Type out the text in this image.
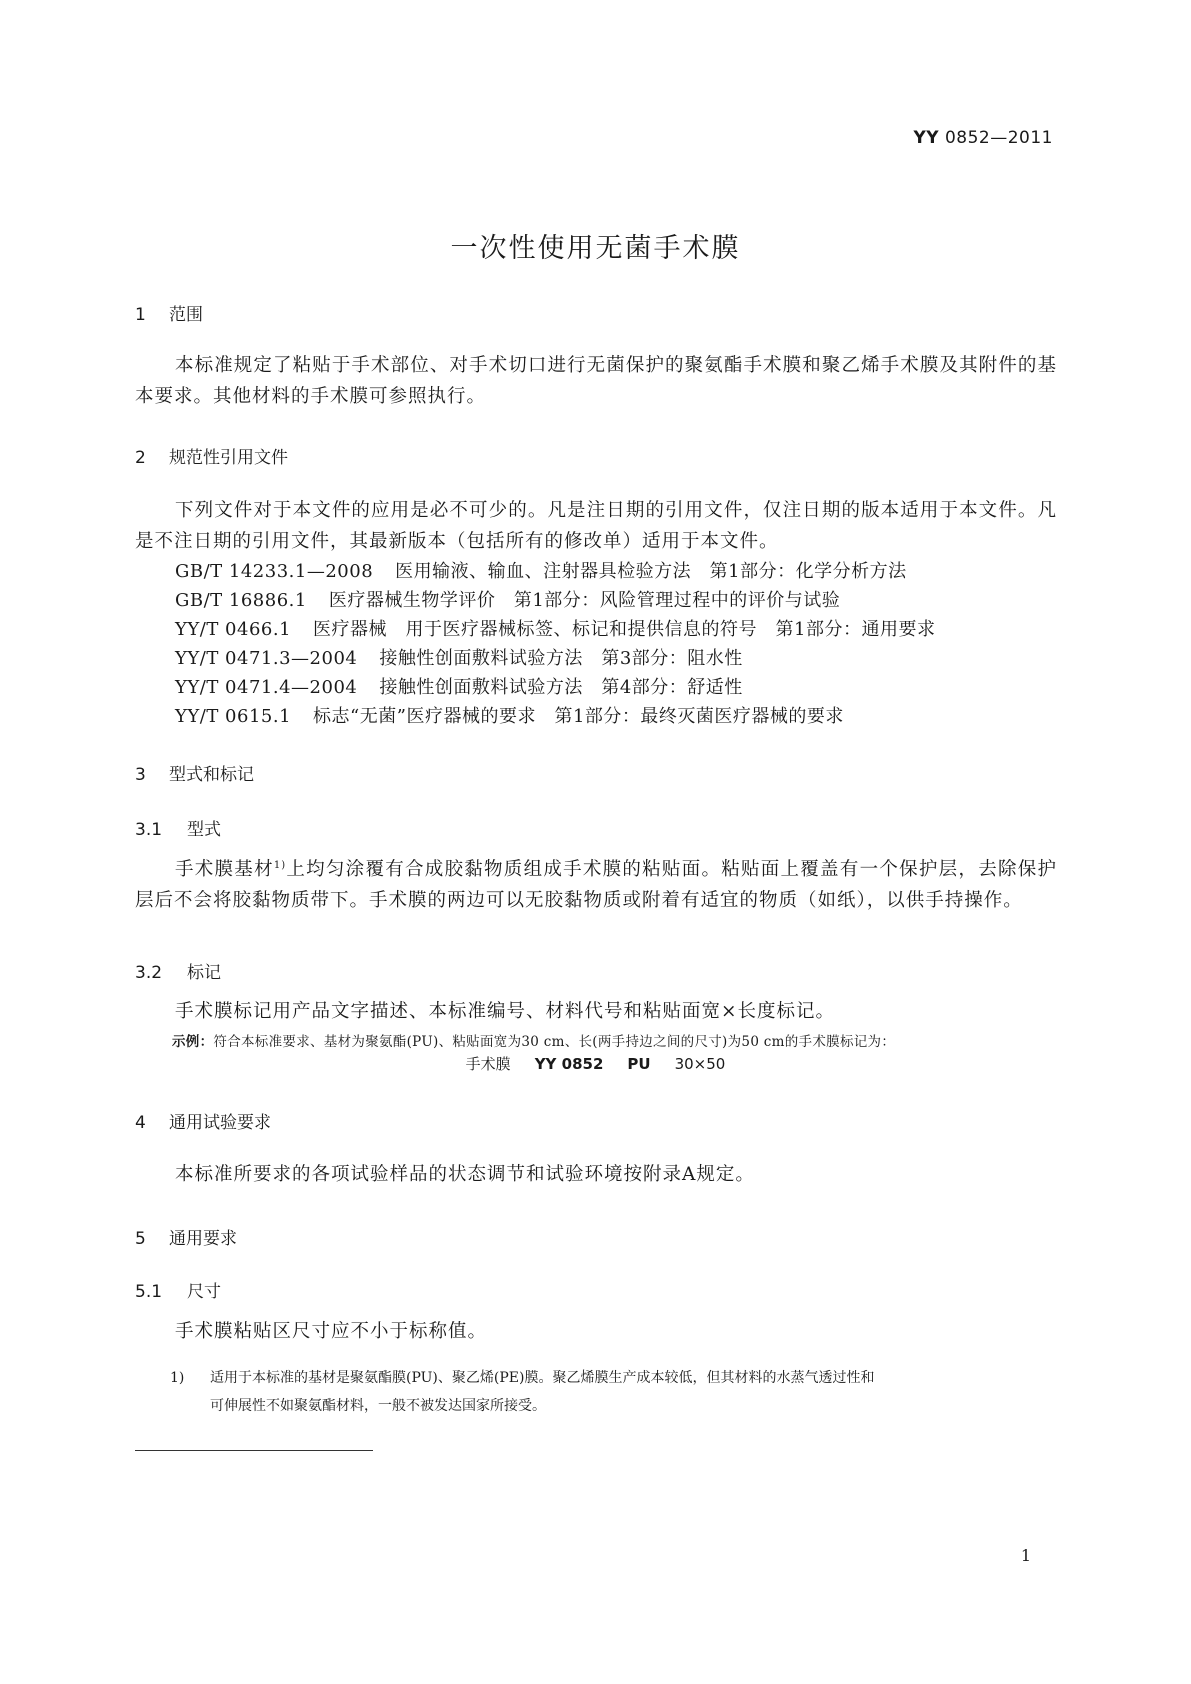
YY 0852—2011
一次性使用无菌手术膜
1 范围
本标准规定了粘贴于手术部位、对手术切口进行无菌保护的聚氨酯手术膜和聚乙烯手术膜及其附件的基本要求。其他材料的手术膜可参照执行。
2 规范性引用文件
下列文件对于本文件的应用是必不可少的。凡是注日期的引用文件，仅注日期的版本适用于本文件。凡是不注日期的引用文件，其最新版本（包括所有的修改单）适用于本文件。
GB/T 14233.1—2008 医用输液、输血、注射器具检验方法　第1部分：化学分析方法
GB/T 16886.1 医疗器械生物学评价　第1部分：风险管理过程中的评价与试验
YY/T 0466.1 医疗器械　用于医疗器械标签、标记和提供信息的符号　第1部分：通用要求
YY/T 0471.3—2004 接触性创面敷料试验方法　第3部分：阻水性
YY/T 0471.4—2004 接触性创面敷料试验方法　第4部分：舒适性
YY/T 0615.1 标志“无菌”医疗器械的要求　第1部分：最终灭菌医疗器械的要求
3 型式和标记
3.1 型式
手术膜基材$^{1)}$上均匀涂覆有合成胶黏物质组成手术膜的粘贴面。粘贴面上覆盖有一个保护层，去除保护层后不会将胶黏物质带下。手术膜的两边可以无胶黏物质或附着有适宜的物质（如纸），以供手持操作。
3.2 标记
手术膜标记用产品文字描述、本标准编号、材料代号和粘贴面宽×长度标记。
示例：符合本标准要求、基材为聚氨酯(PU)、粘贴面宽为30 cm、长(两手持边之间的尺寸)为50 cm的手术膜标记为：
手术膜 YY 0852 PU 30×50
4 通用试验要求
本标准所要求的各项试验样品的状态调节和试验环境按附录A规定。
5 通用要求
5.1 尺寸
手术膜粘贴区尺寸应不小于标称值。
1) 适用于本标准的基材是聚氨酯膜(PU)、聚乙烯(PE)膜。聚乙烯膜生产成本较低，但其材料的水蒸气透过性和
可伸展性不如聚氨酯材料，一般不被发达国家所接受。
1
